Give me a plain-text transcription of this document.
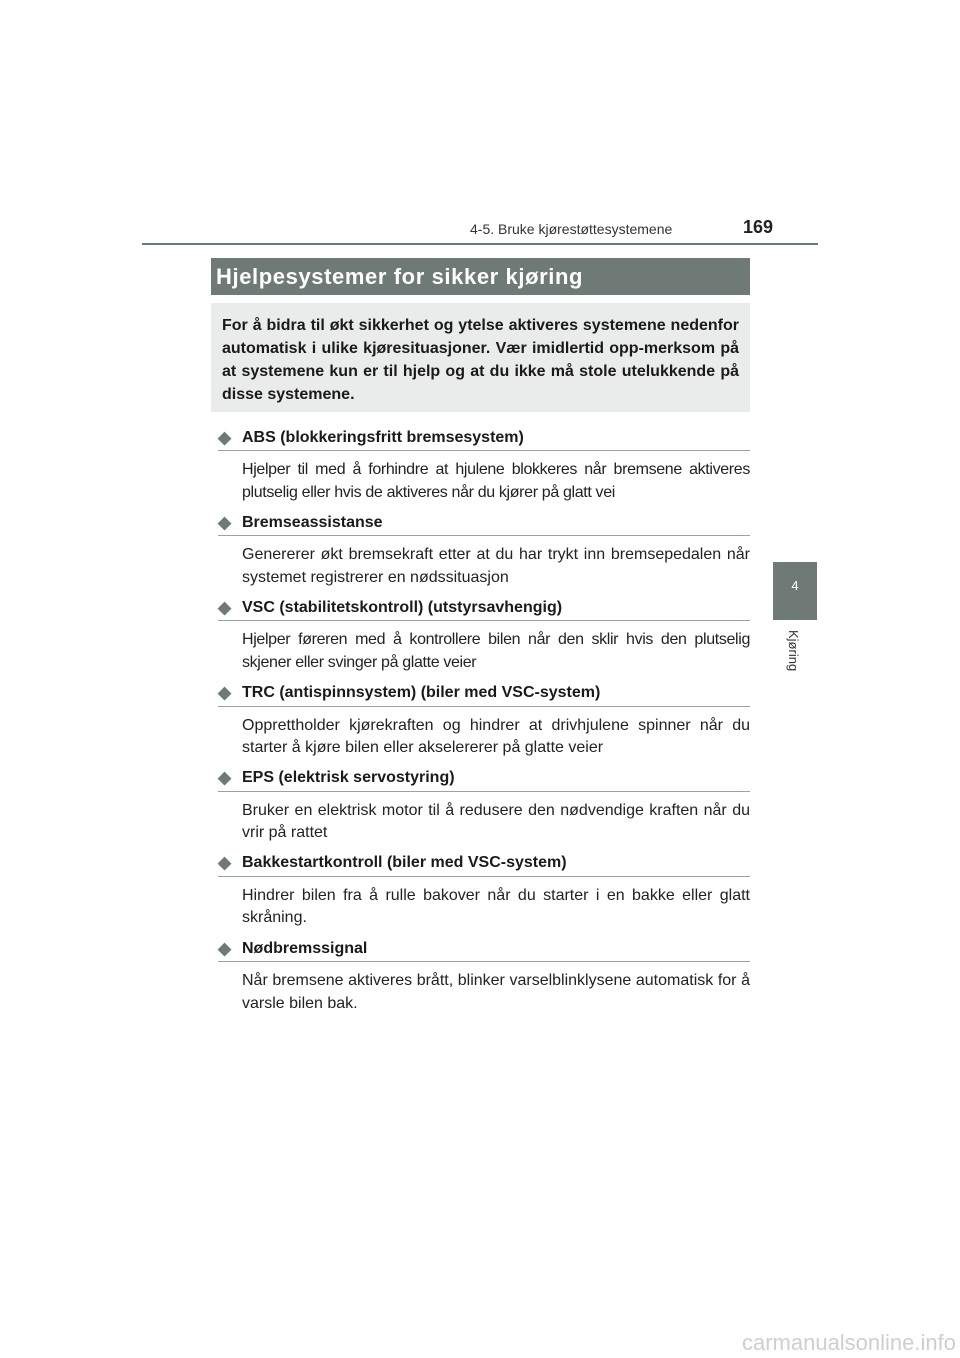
4-5. Bruke kjørestøttesystemene	169
4
Kjøring
Hjelpesystemer for sikker kjøring
For å bidra til økt sikkerhet og ytelse aktiveres systemene nedenfor automatisk i ulike kjøresituasjoner. Vær imidlertid opp-merksom på at systemene kun er til hjelp og at du ikke må stole utelukkende på disse systemene.
◆ ABS (blokkeringsfritt bremsesystem)
Hjelper til med å forhindre at hjulene blokkeres når bremsene aktiveres plutselig eller hvis de aktiveres når du kjører på glatt vei
◆ Bremseassistanse
Genererer økt bremsekraft etter at du har trykt inn bremsepedalen når systemet registrerer en nødssituasjon
◆ VSC (stabilitetskontroll) (utstyrsavhengig)
Hjelper føreren med å kontrollere bilen når den sklir hvis den plutselig skjener eller svinger på glatte veier
◆ TRC (antispinnsystem) (biler med VSC-system)
Opprettholder kjørekraften og hindrer at drivhjulene spinner når du starter å kjøre bilen eller akselererer på glatte veier
◆ EPS (elektrisk servostyring)
Bruker en elektrisk motor til å redusere den nødvendige kraften når du vrir på rattet
◆ Bakkestartkontroll (biler med VSC-system)
Hindrer bilen fra å rulle bakover når du starter i en bakke eller glatt skråning.
◆ Nødbremssignal
Når bremsene aktiveres brått, blinker varselblinklysene automatisk for å varsle bilen bak.
carmanualsonline.info
